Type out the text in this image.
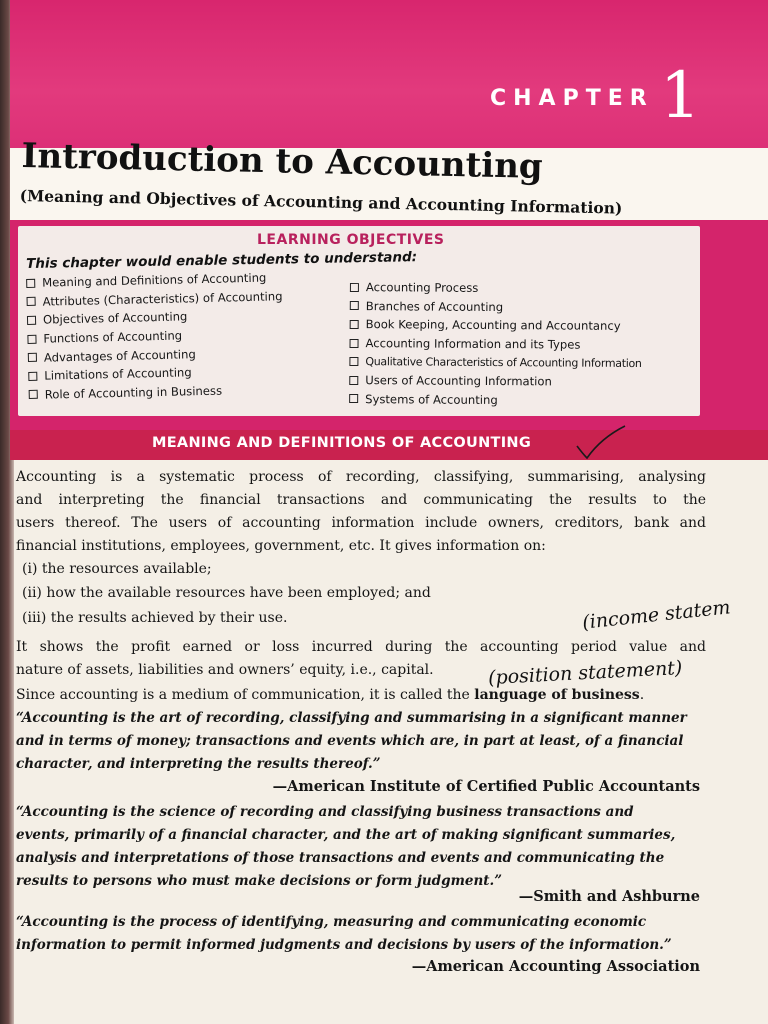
CHAPTER 1
Introduction to Accounting
(Meaning and Objectives of Accounting and Accounting Information)
LEARNING OBJECTIVES
This chapter would enable students to understand:
Meaning and Definitions of Accounting
Attributes (Characteristics) of Accounting
Objectives of Accounting
Functions of Accounting
Advantages of Accounting
Limitations of Accounting
Role of Accounting in Business
Accounting Process
Branches of Accounting
Book Keeping, Accounting and Accountancy
Accounting Information and its Types
Qualitative Characteristics of Accounting Information
Users of Accounting Information
Systems of Accounting
MEANING AND DEFINITIONS OF ACCOUNTING
Accounting is a systematic process of recording, classifying, summarising, analysing
and interpreting the financial transactions and communicating the results to the
users thereof. The users of accounting information include owners, creditors, bank and
financial institutions, employees, government, etc. It gives information on:
(i) the resources available;
(ii) how the available resources have been employed; and
(iii) the results achieved by their use.
It shows the profit earned or loss incurred during the accounting period value and
nature of assets, liabilities and owners’ equity, i.e., capital.
Since accounting is a medium of communication, it is called the language of business.
“Accounting is the art of recording, classifying and summarising in a significant manner
and in terms of money; transactions and events which are, in part at least, of a financial
character, and interpreting the results thereof.”
—American Institute of Certified Public Accountants
“Accounting is the science of recording and classifying business transactions and
events, primarily of a financial character, and the art of making significant summaries,
analysis and interpretations of those transactions and events and communicating the
results to persons who must make decisions or form judgment.”
—Smith and Ashburne
“Accounting is the process of identifying, measuring and communicating economic
information to permit informed judgments and decisions by users of the information.”
—American Accounting Association
(income statem
(position statement)
